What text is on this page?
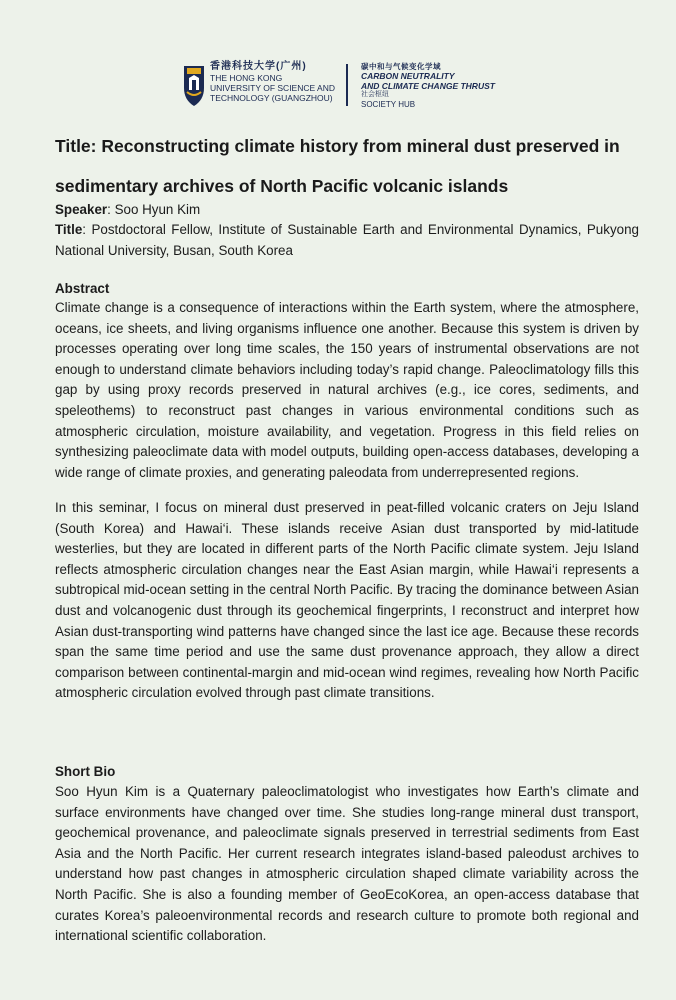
香港科技大学(广州)
THE HONG KONG
UNIVERSITY OF SCIENCE AND
TECHNOLOGY (GUANGZHOU)
碳中和与气候变化学域
CARBON NEUTRALITY
AND CLIMATE CHANGE THRUST
社会枢纽
SOCIETY HUB
Title: Reconstructing climate history from mineral dust preserved in
sedimentary archives of North Pacific volcanic islands
Speaker: Soo Hyun Kim
Title: Postdoctoral Fellow, Institute of Sustainable Earth and Environmental Dynamics, Pukyong National University, Busan, South Korea
Abstract
Climate change is a consequence of interactions within the Earth system, where the atmosphere, oceans, ice sheets, and living organisms influence one another. Because this system is driven by processes operating over long time scales, the 150 years of instrumental observations are not enough to understand climate behaviors including today’s rapid change. Paleoclimatology fills this gap by using proxy records preserved in natural archives (e.g., ice cores, sediments, and speleothems) to reconstruct past changes in various environmental conditions such as atmospheric circulation, moisture availability, and vegetation. Progress in this field relies on synthesizing paleoclimate data with model outputs, building open-access databases, developing a wide range of climate proxies, and generating paleodata from underrepresented regions.
In this seminar, I focus on mineral dust preserved in peat-filled volcanic craters on Jeju Island (South Korea) and Hawai‘i. These islands receive Asian dust transported by mid-latitude westerlies, but they are located in different parts of the North Pacific climate system. Jeju Island reflects atmospheric circulation changes near the East Asian margin, while Hawai‘i represents a subtropical mid-ocean setting in the central North Pacific. By tracing the dominance between Asian dust and volcanogenic dust through its geochemical fingerprints, I reconstruct and interpret how Asian dust-transporting wind patterns have changed since the last ice age. Because these records span the same time period and use the same dust provenance approach, they allow a direct comparison between continental-margin and mid-ocean wind regimes, revealing how North Pacific atmospheric circulation evolved through past climate transitions.
Short Bio
Soo Hyun Kim is a Quaternary paleoclimatologist who investigates how Earth’s climate and surface environments have changed over time. She studies long-range mineral dust transport, geochemical provenance, and paleoclimate signals preserved in terrestrial sediments from East Asia and the North Pacific. Her current research integrates island-based paleodust archives to understand how past changes in atmospheric circulation shaped climate variability across the North Pacific. She is also a founding member of GeoEcoKorea, an open-access database that curates Korea’s paleoenvironmental records and research culture to promote both regional and international scientific collaboration.
